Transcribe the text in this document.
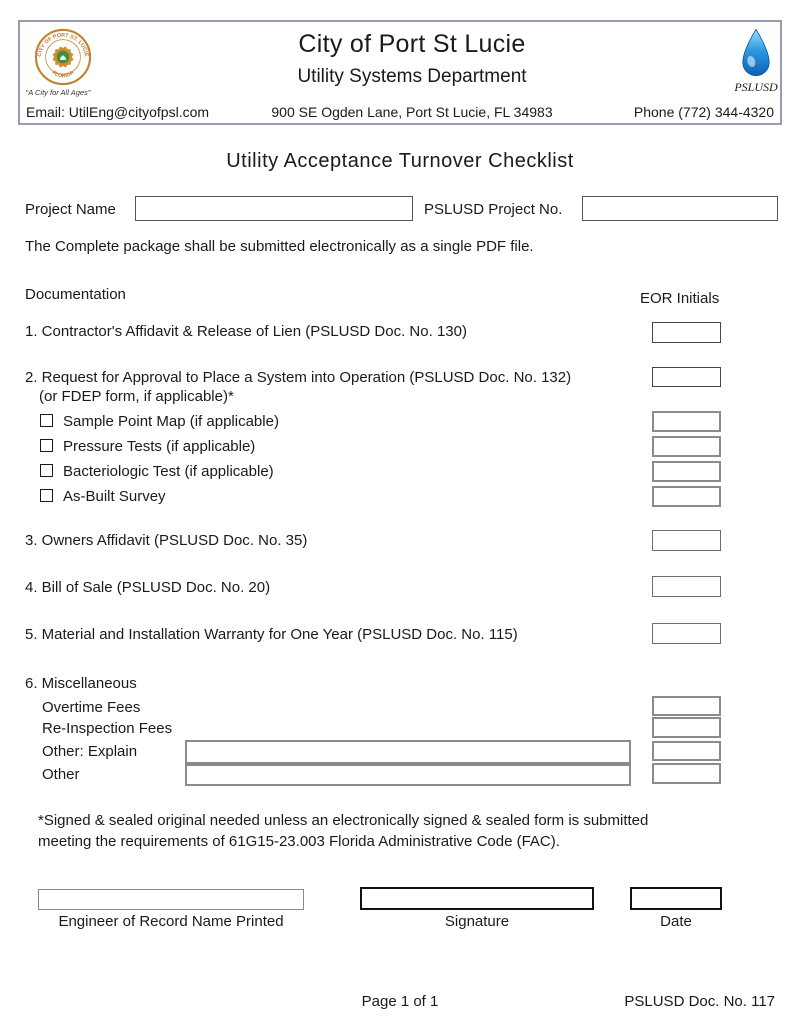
CITY OF PORT ST. LUCIE
FLORIDA
"A City for All Ages"
City of Port St Lucie
Utility Systems Department	PSLUSD
Email: UtilEng@cityofpsl.com	900 SE Ogden Lane, Port St Lucie, FL 34983	Phone (772) 344-4320
Utility Acceptance Turnover Checklist
Project Name	PSLUSD Project No.
The Complete package shall be submitted electronically as a single PDF file.
Documentation	EOR Initials
1. Contractor's Affidavit & Release of Lien (PSLUSD Doc. No. 130)
2. Request for Approval to Place a System into Operation (PSLUSD Doc. No. 132)
(or FDEP form, if applicable)*
Sample Point Map (if applicable)
Pressure Tests (if applicable)
Bacteriologic Test (if applicable)
As-Built Survey
3. Owners Affidavit (PSLUSD Doc. No. 35)
4. Bill of Sale (PSLUSD Doc. No. 20)
5. Material and Installation Warranty for One Year (PSLUSD Doc. No. 115)
6. Miscellaneous
Overtime Fees
Re-Inspection Fees
Other: Explain
Other
*Signed & sealed original needed unless an electronically signed & sealed form is submitted
meeting the requirements of 61G15-23.003 Florida Administrative Code (FAC).
Engineer of Record Name Printed	Signature	Date
Page 1 of 1	PSLUSD Doc. No. 117
